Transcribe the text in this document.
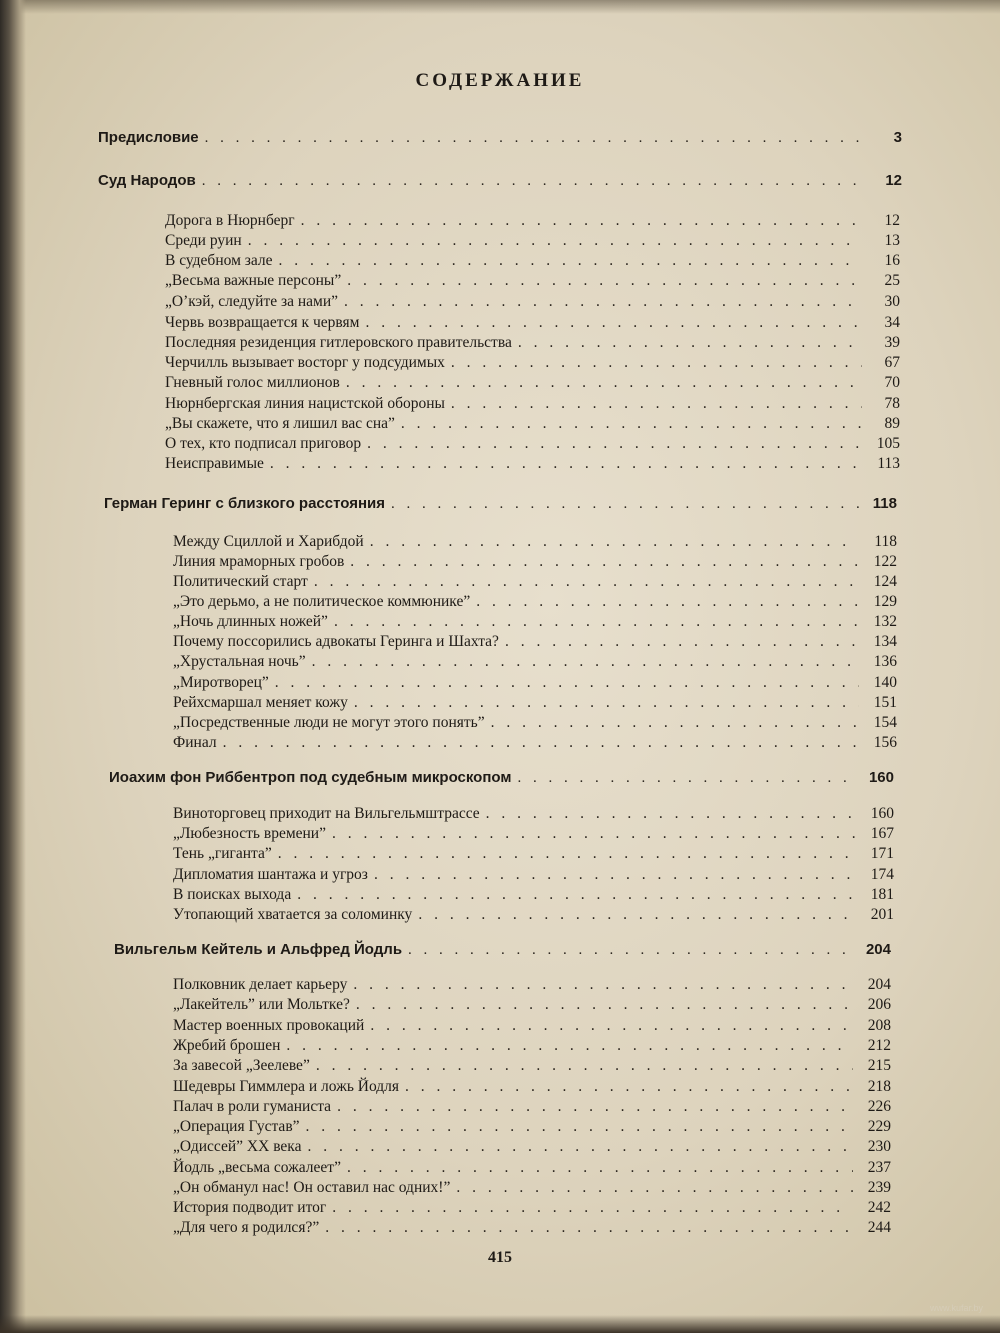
СОДЕРЖАНИЕ
Предисловие . . .	3
Суд Народов . . .	12
Дорога в Нюрнберг . . .	12
Среди руин . . .	13
В судебном зале . . .	16
„Весьма важные персоны” . . .	25
„О’кэй, следуйте за нами” . . .	30
Червь возвращается к червям . . .	34
Последняя резиденция гитлеровского правительства . . .	39
Черчилль вызывает восторг у подсудимых . . .	67
Гневный голос миллионов . . .	70
Нюрнбергская линия нацистской обороны . . .	78
„Вы скажете, что я лишил вас сна” . . .	89
О тех, кто подписал приговор . . .	105
Неисправимые . . .	113
Герман Геринг с близкого расстояния . . .	118
Между Сциллой и Харибдой . . .	118
Линия мраморных гробов . . .	122
Политический старт . . .	124
„Это дерьмо, а не политическое коммюнике” . . .	129
„Ночь длинных ножей” . . .	132
Почему поссорились адвокаты Геринга и Шахта? . . .	134
„Хрустальная ночь” . . .	136
„Миротворец” . . .	140
Рейхсмаршал меняет кожу . . .	151
„Посредственные люди не могут этого понять” . . .	154
Финал . . .	156
Иоахим фон Риббентроп под судебным микроскопом . . .	160
Виноторговец приходит на Вильгельмштрассе . . .	160
„Любезность времени” . . .	167
Тень „гиганта” . . .	171
Дипломатия шантажа и угроз . . .	174
В поисках выхода . . .	181
Утопающий хватается за соломинку . . .	201
Вильгельм Кейтель и Альфред Йодль . . .	204
Полковник делает карьеру . . .	204
„Лакейтель” или Мольтке? . . .	206
Мастер военных провокаций . . .	208
Жребий брошен . . .	212
За завесой „Зеелеве” . . .	215
Шедевры Гиммлера и ложь Йодля . . .	218
Палач в роли гуманиста . . .	226
„Операция Густав” . . .	229
„Одиссей” XX века . . .	230
Йодль „весьма сожалеет” . . .	237
„Он обманул нас! Он оставил нас одних!” . . .	239
История подводит итог . . .	242
„Для чего я родился?” . . .	244
415
www.kufar.by
